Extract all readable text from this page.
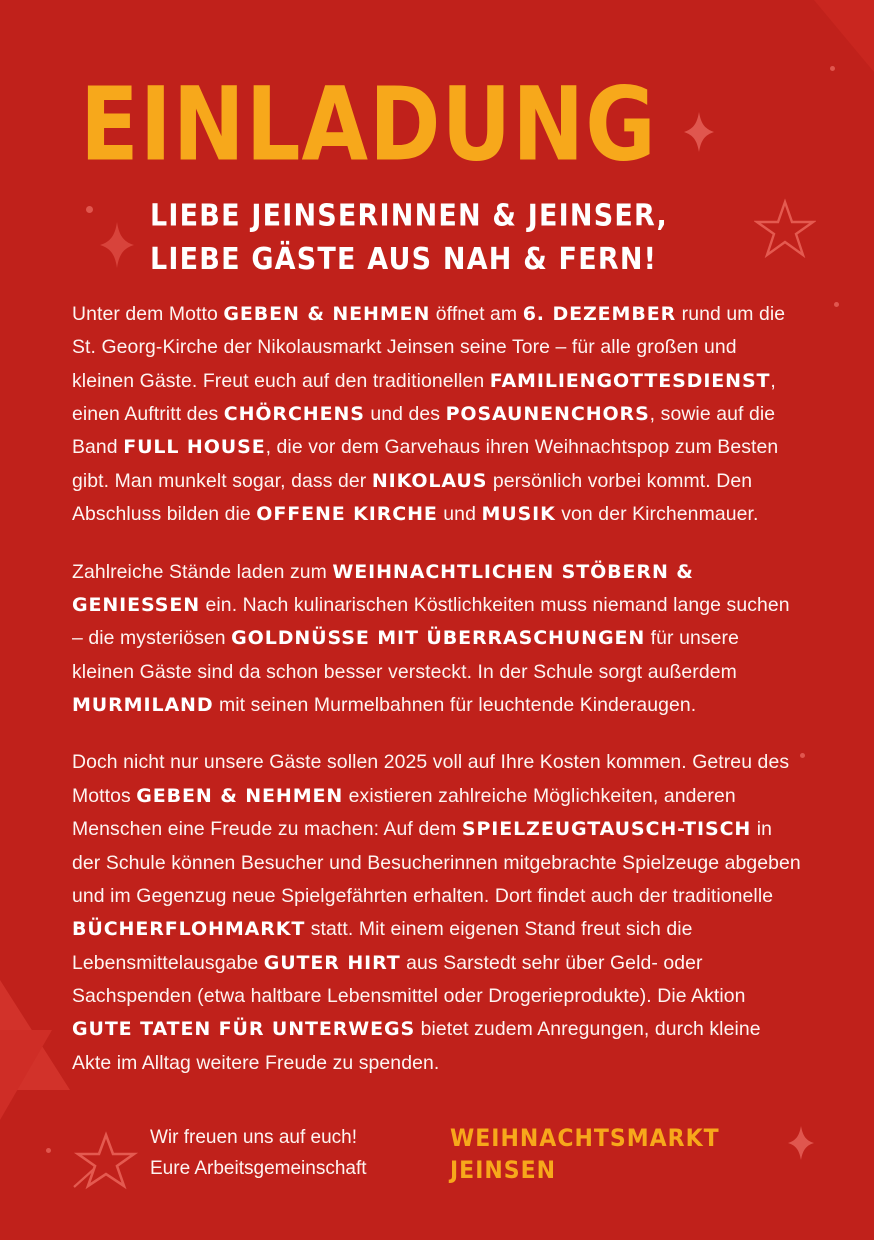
EINLADUNG
LIEBE JEINSERINNEN & JEINSER,
LIEBE GÄSTE AUS NAH & FERN!

Unter dem Motto GEBEN & NEHMEN öffnet am 6. DEZEMBER rund um die St. Georg-Kirche der Nikolausmarkt Jeinsen seine Tore – für alle großen und kleinen Gäste. Freut euch auf den traditionellen FAMILIENGOTTESDIENST, einen Auftritt des CHÖRCHENS und des POSAUNENCHORS, sowie auf die Band FULL HOUSE, die vor dem Garvehaus ihren Weihnachtspop zum Besten gibt. Man munkelt sogar, dass der NIKOLAUS persönlich vorbei kommt. Den Abschluss bilden die OFFENE KIRCHE und MUSIK von der Kirchenmauer.

Zahlreiche Stände laden zum WEIHNACHTLICHEN STÖBERN & GENIESSEN ein. Nach kulinarischen Köstlichkeiten muss niemand lange suchen – die mysteriösen GOLDNÜSSE MIT ÜBERRASCHUNGEN für unsere kleinen Gäste sind da schon besser versteckt. In der Schule sorgt außerdem MURMILAND mit seinen Murmelbahnen für leuchtende Kinderaugen.

Doch nicht nur unsere Gäste sollen 2025 voll auf Ihre Kosten kommen. Getreu des Mottos GEBEN & NEHMEN existieren zahlreiche Möglichkeiten, anderen Menschen eine Freude zu machen: Auf dem SPIELZEUGTAUSCH-TISCH in der Schule können Besucher und Besucherinnen mitgebrachte Spielzeuge abgeben und im Gegenzug neue Spielgefährten erhalten. Dort findet auch der traditionelle BÜCHERFLOHMARKT statt. Mit einem eigenen Stand freut sich die Lebensmittelausgabe GUTER HIRT aus Sarstedt sehr über Geld- oder Sachspenden (etwa haltbare Lebensmittel oder Drogerieprodukte). Die Aktion GUTE TATEN FÜR UNTERWEGS bietet zudem Anregungen, durch kleine Akte im Alltag weitere Freude zu spenden.

Wir freuen uns auf euch!
Eure Arbeitsgemeinschaft
WEIHNACHTSMARKT
JEINSEN
